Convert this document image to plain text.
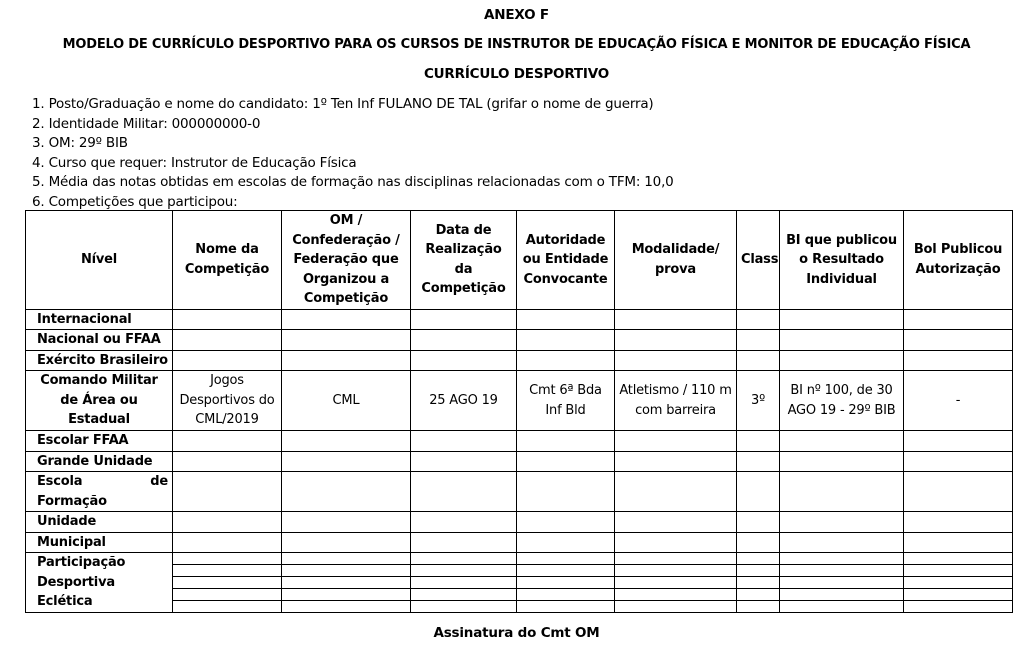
ANEXO F
MODELO DE CURRÍCULO DESPORTIVO PARA OS CURSOS DE INSTRUTOR DE EDUCAÇÃO FÍSICA E MONITOR DE EDUCAÇÃO FÍSICA
CURRÍCULO DESPORTIVO
1. Posto/Graduação e nome do candidato: 1º Ten Inf FULANO DE TAL (grifar o nome de guerra)
2. Identidade Militar: 000000000-0
3. OM: 29º BIB
4. Curso que requer: Instrutor de Educação Física
5. Média das notas obtidas em escolas de formação nas disciplinas relacionadas com o TFM: 10,0
6. Competições que participou:
Nível	Nome da Competição	OM / Confederação / Federação que Organizou a Competição	Data de Realização da Competição	Autoridade ou Entidade Convocante	Modalidade/ prova	Class	BI que publicou o Resultado Individual	Bol Publicou Autorização
Internacional								
Nacional ou FFAA								
Exército Brasileiro								
Comando Militar de Área ou Estadual	Jogos Desportivos do CML/2019	CML	25 AGO 19	Cmt 6ª Bda Inf Bld	Atletismo / 110 m com barreira	3º	BI nº 100, de 30 AGO 19 - 29º BIB	-
Escolar FFAA								
Grande Unidade								
Escola de Formação								
Unidade								
Municipal								
Participação Desportiva Eclética								

Assinatura do Cmt OM
